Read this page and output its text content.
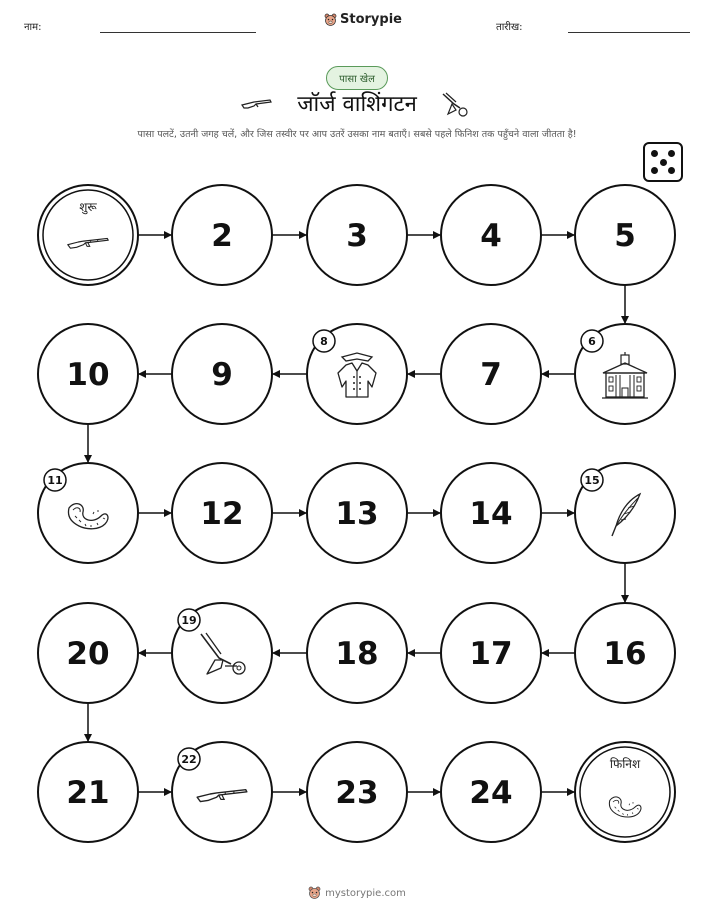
नाम:
Storypie
तारीख:
पासा खेल
जॉर्ज वाशिंगटन
पासा पलटें, उतनी जगह चलें, और जिस तस्वीर पर आप उतरें उसका नाम बताएँ। सबसे पहले फिनिश तक पहुँचने वाला जीतता है!
शुरू
2	3	4	5
6
7
8
9
10
11
12	13	14
15
16
17
18
19
20
21
22
23	24
फिनिश
mystorypie.com
